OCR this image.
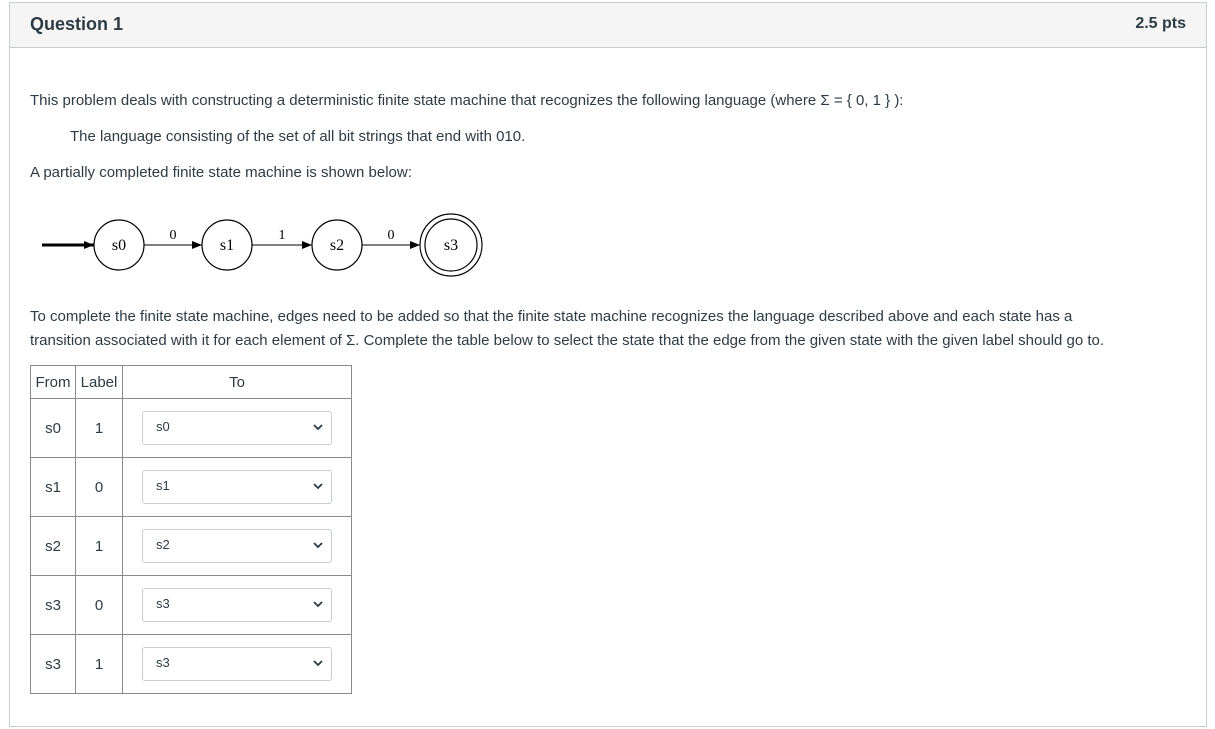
Question 1	2.5 pts
This problem deals with constructing a deterministic finite state machine that recognizes the following language (where Σ = { 0, 1 } ):
The language consisting of the set of all bit strings that end with 010.
A partially completed finite state machine is shown below:
s0
0
s1
1
s2
0
s3
To complete the finite state machine, edges need to be added so that the finite state machine recognizes the language described above and each state has a
transition associated with it for each element of Σ. Complete the table below to select the state that the edge from the given state with the given label should go to.
From	Label	To
s0	1	s0

s1	0	s1

s2	1	s2

s3	0	s3

s3	1	s3
